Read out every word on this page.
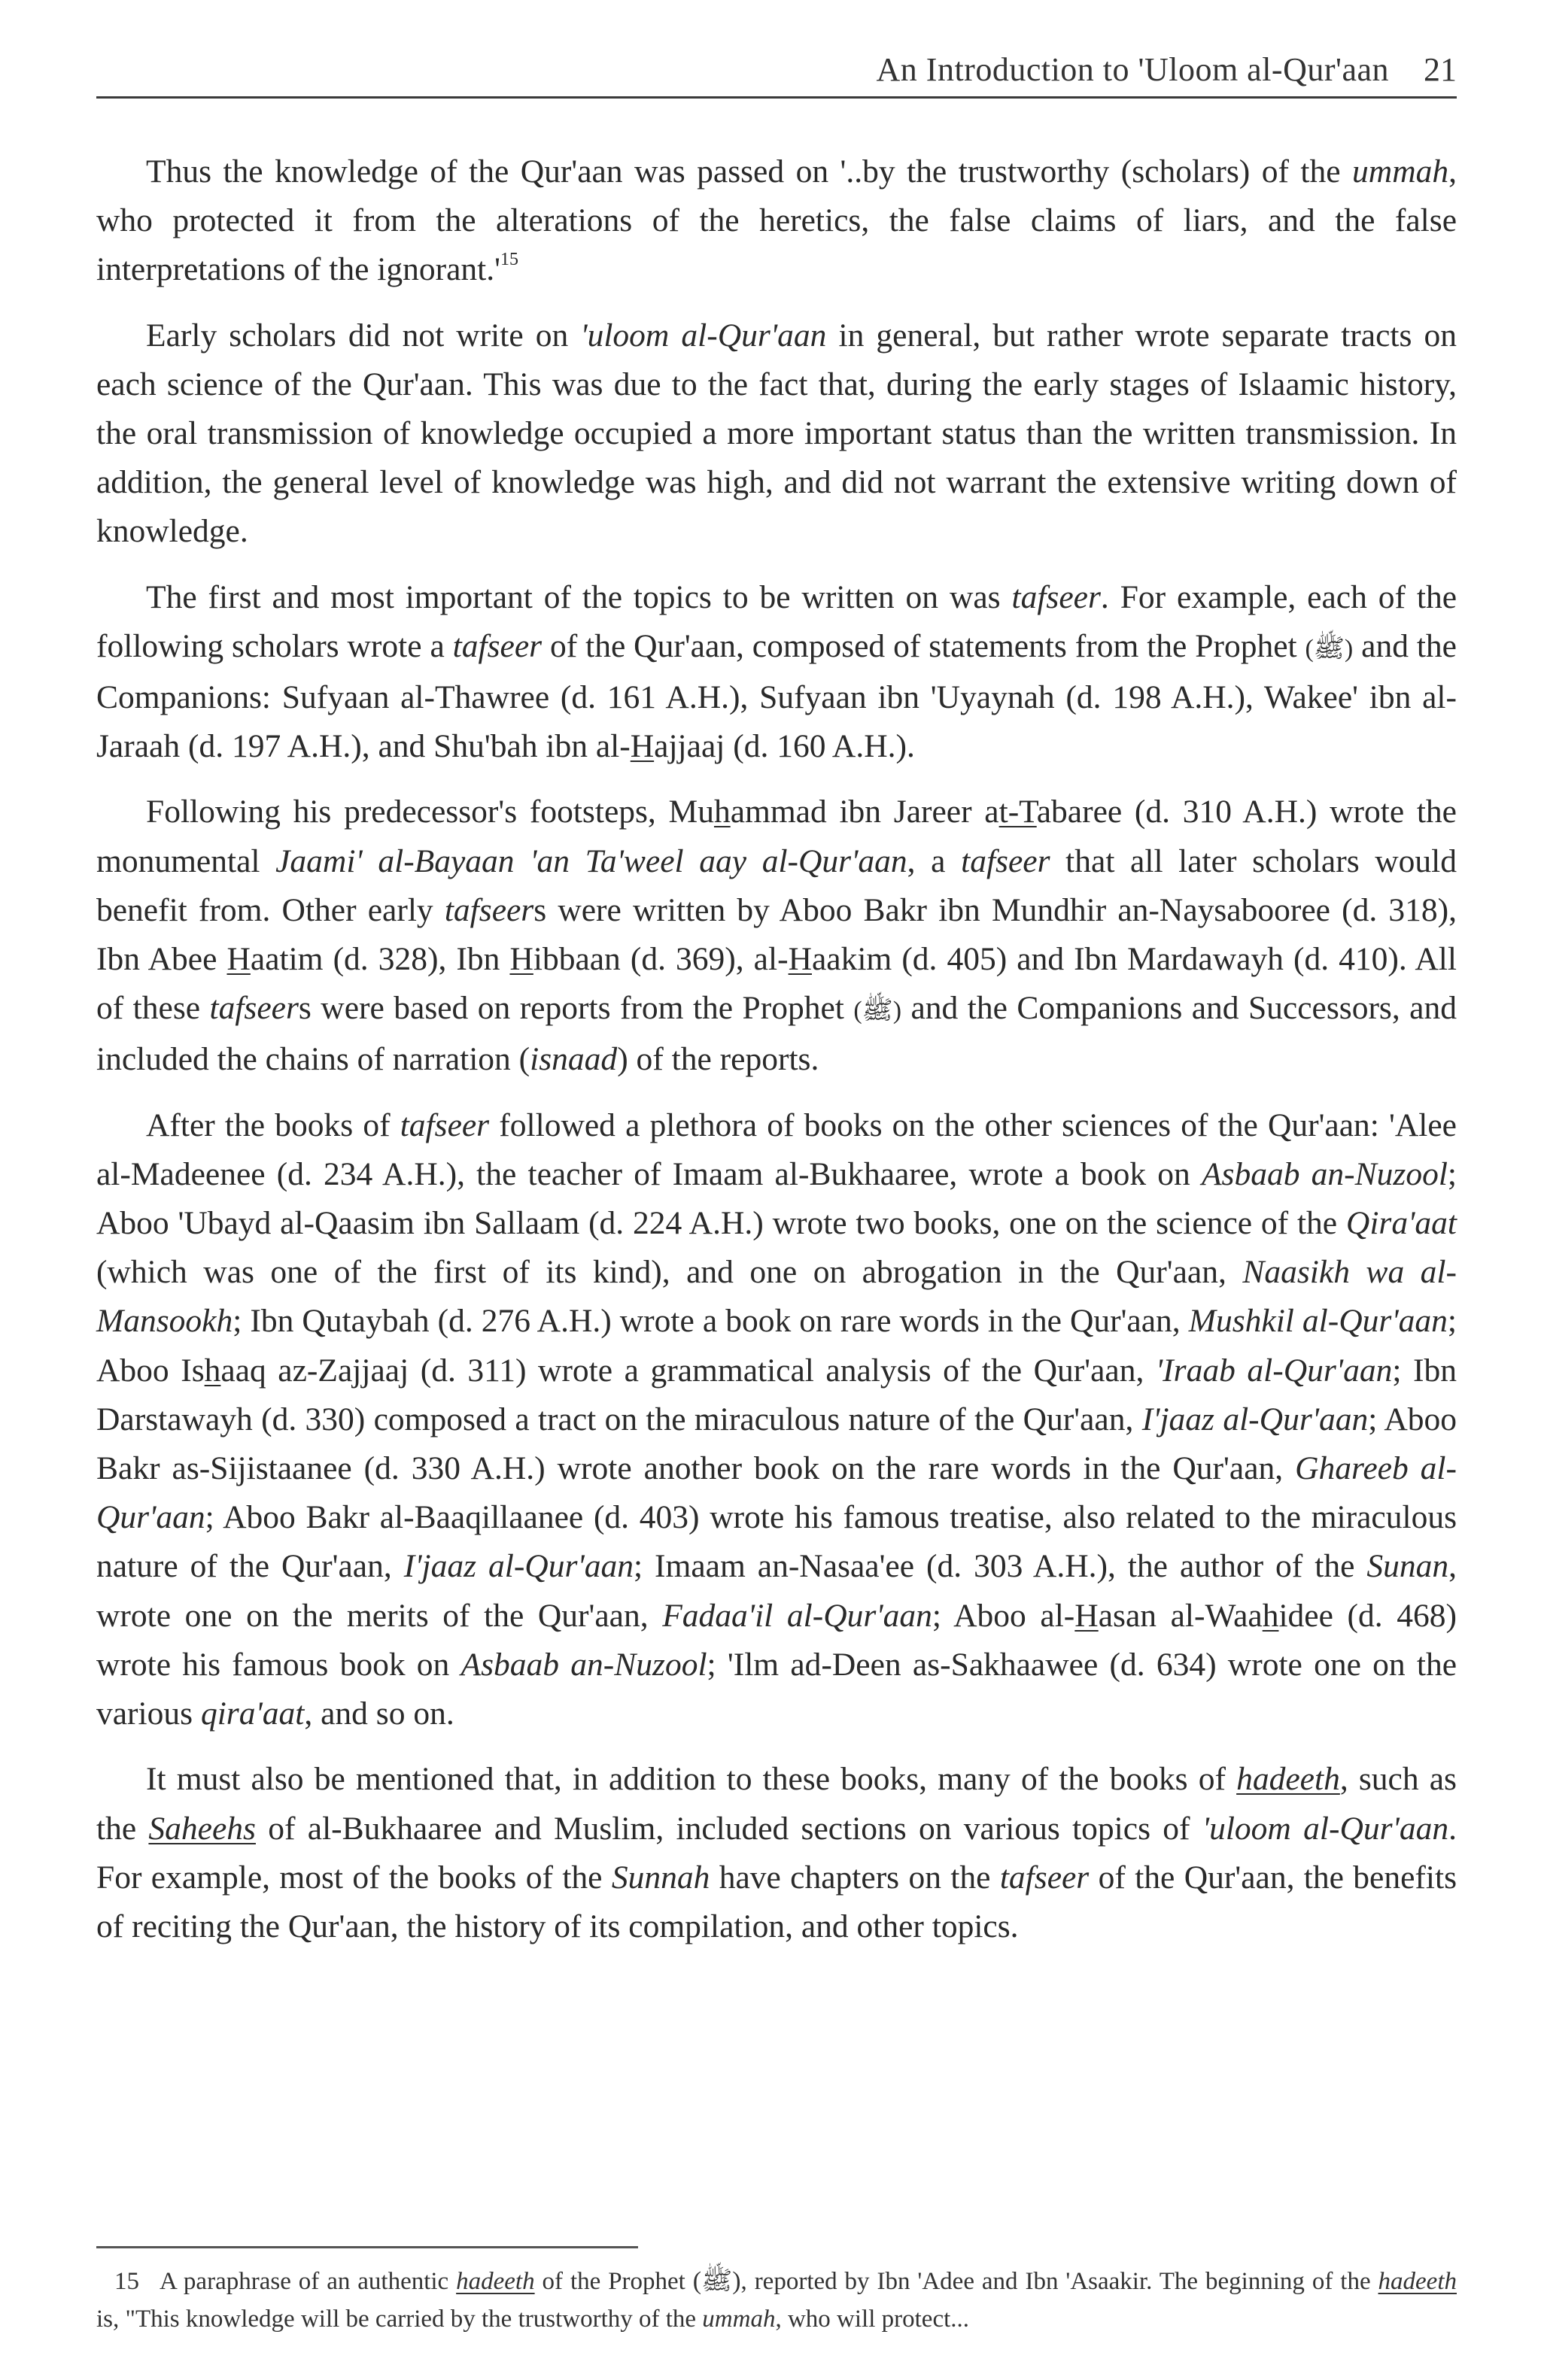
An Introduction to 'Uloom al-Qur'aan 21

Thus the knowledge of the Qur'aan was passed on '..by the trustworthy (scholars) of the ummah, who protected it from the alterations of the heretics, the false claims of liars, and the false interpretations of the $ignorant.'^{15}$

Early scholars did not write on 'uloom al-Qur'aan in general, but rather wrote separate tracts on each science of the Qur'aan. This was due to the fact that, during the early stages of Islaamic history, the oral transmission of knowledge occupied a more important status than the written transmission. In addition, the general level of knowledge was high, and did not warrant the extensive writing down of knowledge.

The first and most important of the topics to be written on was tafseer. For example, each of the following scholars wrote a tafseer of the Qur'aan, composed of statements from the Prophet (ﷺ) and the Companions: Sufyaan al-Thawree (d. 161 A.H.), Sufyaan ibn 'Uyaynah (d. 198 A.H.), Wakee' ibn al-Jaraah (d. 197 A.H.), and Shu'bah ibn al-Hajjaaj (d. 160 A.H.).

Following his predecessor's footsteps, Muhammad ibn Jareer at-Tabaree (d. 310 A.H.) wrote the monumental Jaami' al-Bayaan 'an Ta'weel aay al-Qur'aan, a tafseer that all later scholars would benefit from. Other early tafseers were written by Aboo Bakr ibn Mundhir an-Naysabooree (d. 318), Ibn Abee Haatim (d. 328), Ibn Hibbaan (d. 369), al-Haakim (d. 405) and Ibn Mardawayh (d. 410). All of these tafseers were based on reports from the Prophet (ﷺ) and the Companions and Successors, and included the chains of narration (isnaad) of the reports.

After the books of tafseer followed a plethora of books on the other sciences of the Qur'aan: 'Alee al-Madeenee (d. 234 A.H.), the teacher of Imaam al-Bukhaaree, wrote a book on Asbaab an-Nuzool; Aboo 'Ubayd al-Qaasim ibn Sallaam (d. 224 A.H.) wrote two books, one on the science of the Qira'aat (which was one of the first of its kind), and one on abrogation in the Qur'aan, Naasikh wa al-Mansookh; Ibn Qutaybah (d. 276 A.H.) wrote a book on rare words in the Qur'aan, Mushkil al-Qur'aan; Aboo Ishaaq az-Zajjaaj (d. 311) wrote a grammatical analysis of the Qur'aan, 'Iraab al-Qur'aan; Ibn Darstawayh (d. 330) composed a tract on the miraculous nature of the Qur'aan, I'jaaz al-Qur'aan; Aboo Bakr as-Sijistaanee (d. 330 A.H.) wrote another book on the rare words in the Qur'aan, Ghareeb al-Qur'aan; Aboo Bakr al-Baaqillaanee (d. 403) wrote his famous treatise, also related to the miraculous nature of the Qur'aan, I'jaaz al-Qur'aan; Imaam an-Nasaa'ee (d. 303 A.H.), the author of the Sunan, wrote one on the merits of the Qur'aan, Fadaa'il al-Qur'aan; Aboo al-Hasan al-Waahidee (d. 468) wrote his famous book on Asbaab an-Nuzool; 'Ilm ad-Deen as-Sakhaawee (d. 634) wrote one on the various qira'aat, and so on.

It must also be mentioned that, in addition to these books, many of the books of hadeeth, such as the Saheehs of al-Bukhaaree and Muslim, included sections on various topics of 'uloom al-Qur'aan. For example, most of the books of the Sunnah have chapters on the tafseer of the Qur'aan, the benefits of reciting the Qur'aan, the history of its compilation, and other topics.

15 A paraphrase of an authentic hadeeth of the Prophet (ﷺ), reported by Ibn 'Adee and Ibn 'Asaakir. The beginning of the hadeeth is, "This knowledge will be carried by the trustworthy of the ummah, who will protect...
